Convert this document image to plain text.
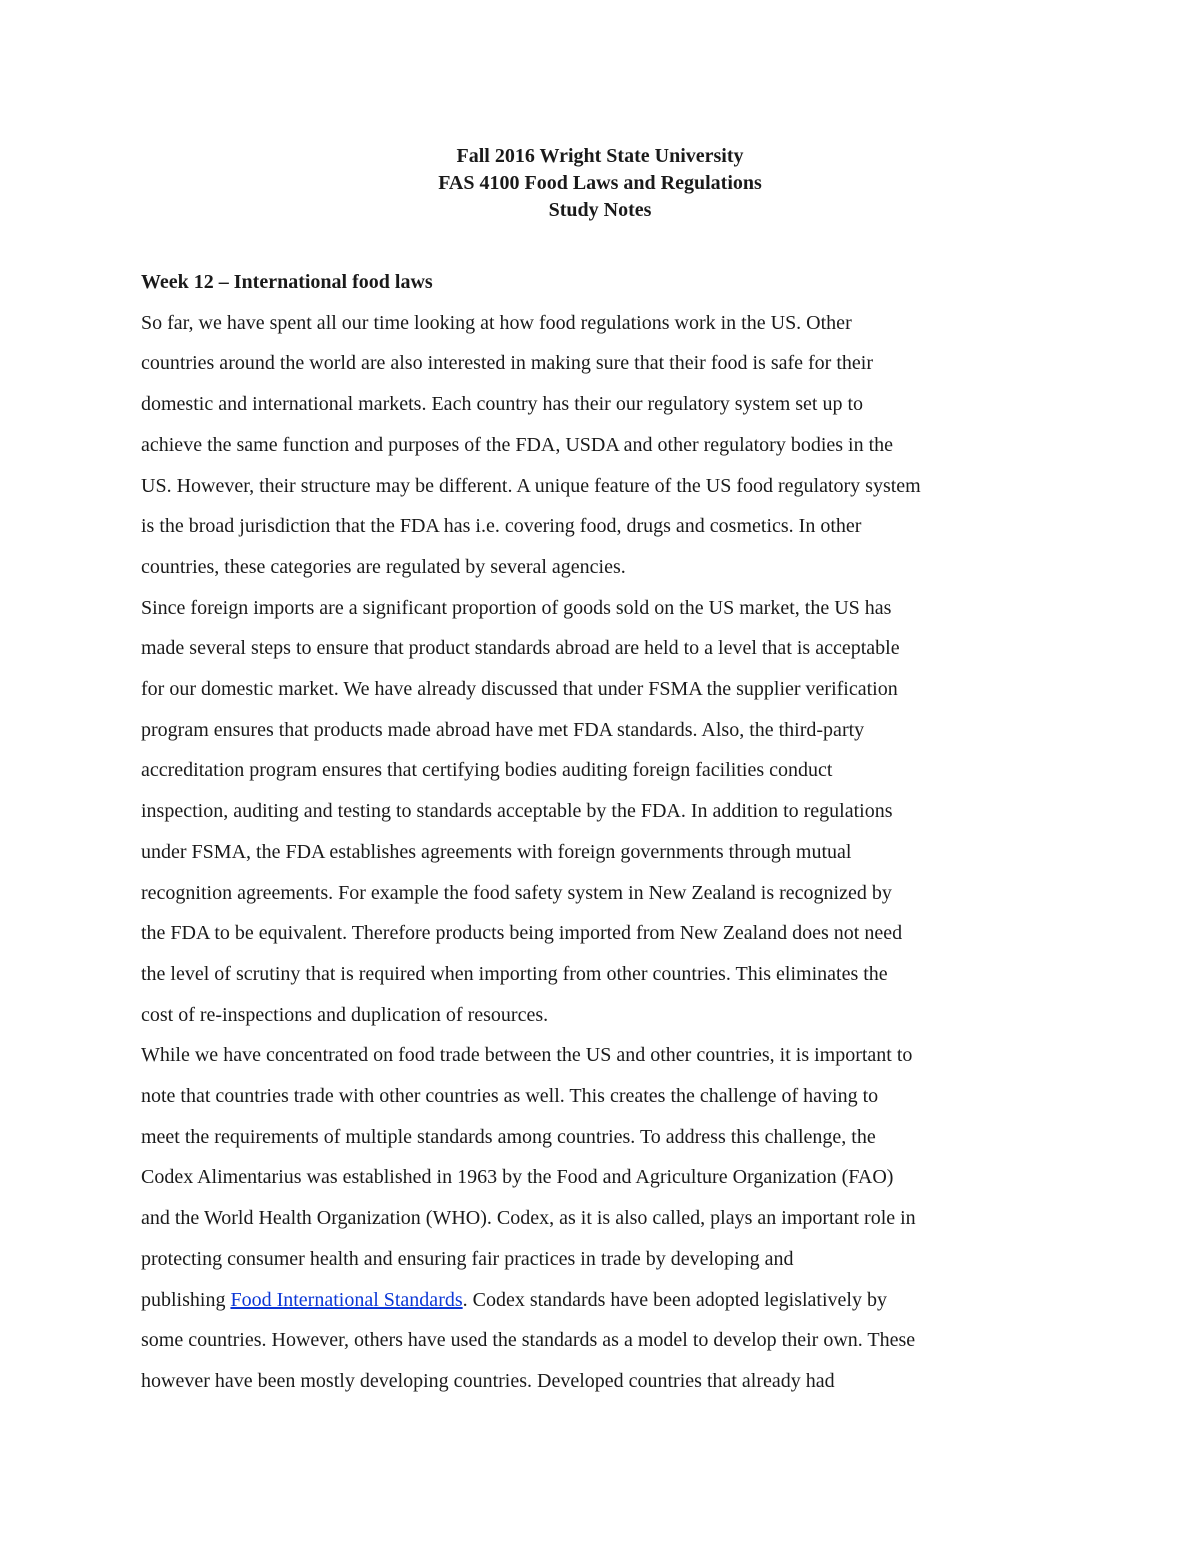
Fall 2016 Wright State University
FAS 4100 Food Laws and Regulations
Study Notes
Week 12 – International food laws
So far, we have spent all our time looking at how food regulations work in the US. Other
countries around the world are also interested in making sure that their food is safe for their
domestic and international markets. Each country has their our regulatory system set up to
achieve the same function and purposes of the FDA, USDA and other regulatory bodies in the
US. However, their structure may be different. A unique feature of the US food regulatory system
is the broad jurisdiction that the FDA has i.e. covering food, drugs and cosmetics. In other
countries, these categories are regulated by several agencies.
Since foreign imports are a significant proportion of goods sold on the US market, the US has
made several steps to ensure that product standards abroad are held to a level that is acceptable
for our domestic market. We have already discussed that under FSMA the supplier verification
program ensures that products made abroad have met FDA standards. Also, the third-party
accreditation program ensures that certifying bodies auditing foreign facilities conduct
inspection, auditing and testing to standards acceptable by the FDA. In addition to regulations
under FSMA, the FDA establishes agreements with foreign governments through mutual
recognition agreements. For example the food safety system in New Zealand is recognized by
the FDA to be equivalent. Therefore products being imported from New Zealand does not need
the level of scrutiny that is required when importing from other countries. This eliminates the
cost of re-inspections and duplication of resources.
While we have concentrated on food trade between the US and other countries, it is important to
note that countries trade with other countries as well. This creates the challenge of having to
meet the requirements of multiple standards among countries. To address this challenge, the
Codex Alimentarius was established in 1963 by the Food and Agriculture Organization (FAO)
and the World Health Organization (WHO). Codex, as it is also called, plays an important role in
protecting consumer health and ensuring fair practices in trade by developing and
publishing Food International Standards. Codex standards have been adopted legislatively by
some countries. However, others have used the standards as a model to develop their own. These
however have been mostly developing countries. Developed countries that already had
